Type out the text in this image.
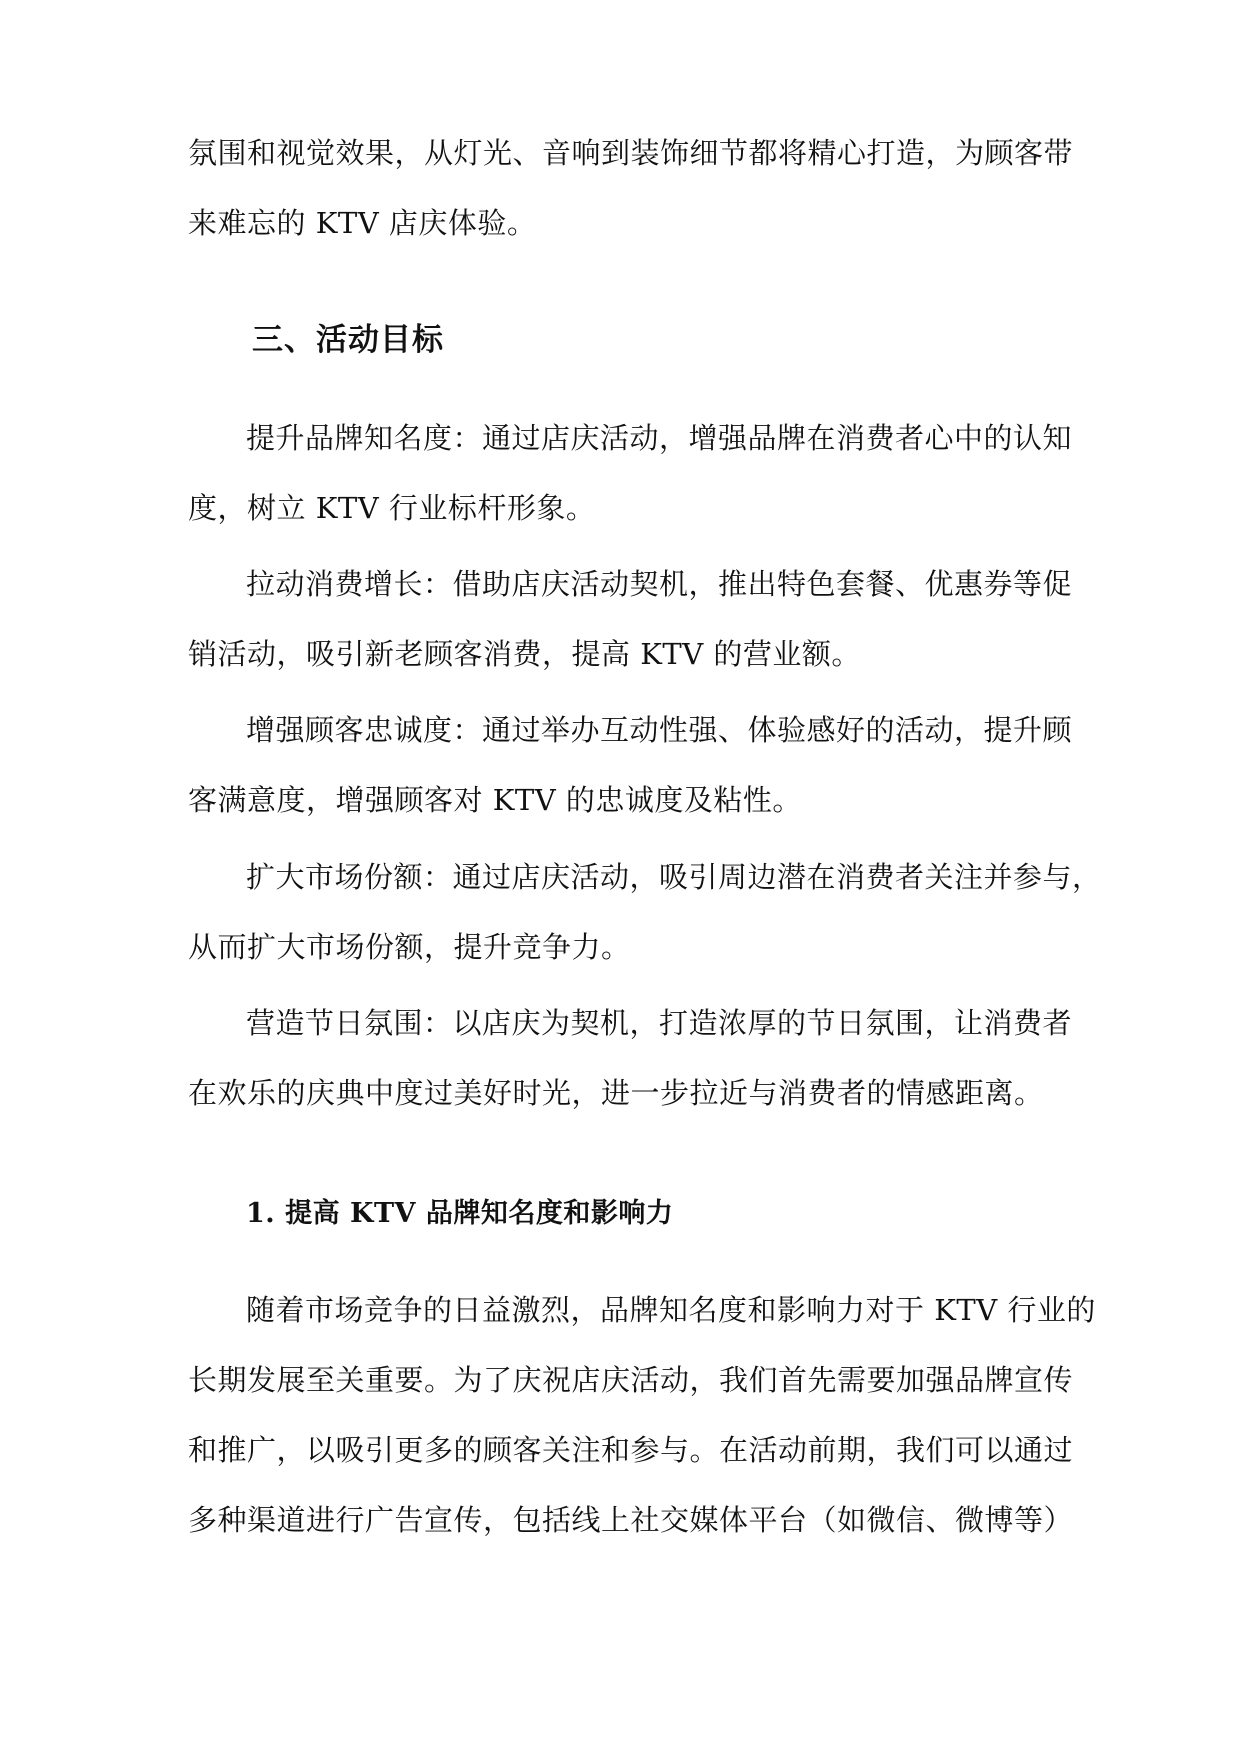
氛围和视觉效果，从灯光、音响到装饰细节都将精心打造，为顾客带
来难忘的 KTV 店庆体验。
三、活动目标
提升品牌知名度：通过店庆活动，增强品牌在消费者心中的认知
度，树立 KTV 行业标杆形象。
拉动消费增长：借助店庆活动契机，推出特色套餐、优惠券等促
销活动，吸引新老顾客消费，提高 KTV 的营业额。
增强顾客忠诚度：通过举办互动性强、体验感好的活动，提升顾
客满意度，增强顾客对 KTV 的忠诚度及粘性。
扩大市场份额：通过店庆活动，吸引周边潜在消费者关注并参与，
从而扩大市场份额，提升竞争力。
营造节日氛围：以店庆为契机，打造浓厚的节日氛围，让消费者
在欢乐的庆典中度过美好时光，进一步拉近与消费者的情感距离。
1. 提高 KTV 品牌知名度和影响力
随着市场竞争的日益激烈，品牌知名度和影响力对于 KTV 行业的
长期发展至关重要。为了庆祝店庆活动，我们首先需要加强品牌宣传
和推广，以吸引更多的顾客关注和参与。在活动前期，我们可以通过
多种渠道进行广告宣传，包括线上社交媒体平台（如微信、微博等）
